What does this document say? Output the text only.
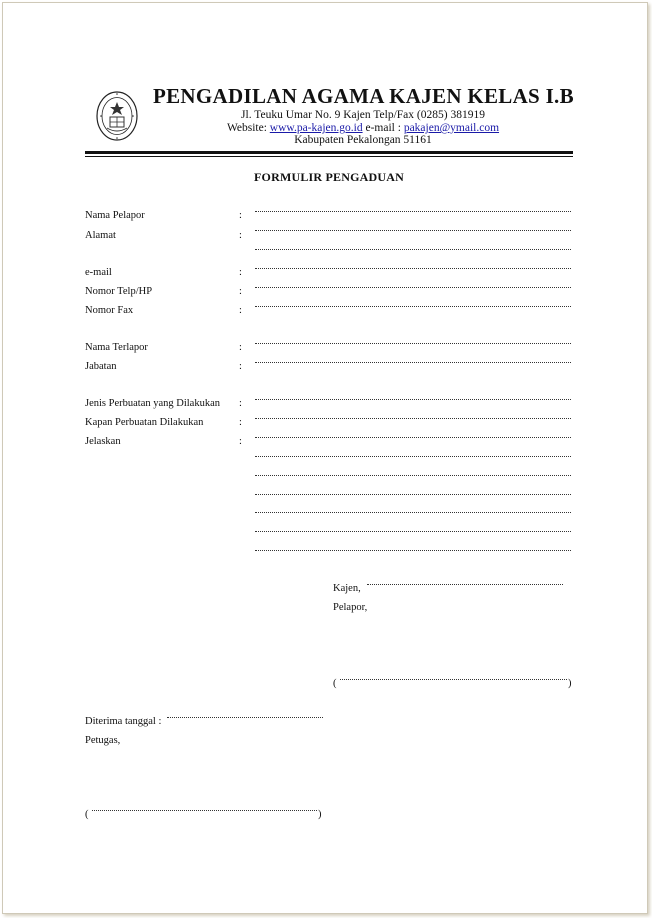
PENGADILAN AGAMA KAJEN KELAS I.B
Jl. Teuku Umar No. 9 Kajen Telp/Fax (0285) 381919
Website: www.pa-kajen.go.id e-mail : pakajen@ymail.com
Kabupaten Pekalongan 51161
FORMULIR PENGADUAN
Nama Pelapor	:
Alamat	:
e-mail	:
Nomor Telp/HP	:
Nomor Fax	:
Nama Terlapor	:
Jabatan	:
Jenis Perbuatan yang Dilakukan :
Kapan Perbuatan Dilakukan	:
Jelaskan	:
Kajen,
Pelapor,
(	)
Diterima tanggal :
Petugas,
(	)
